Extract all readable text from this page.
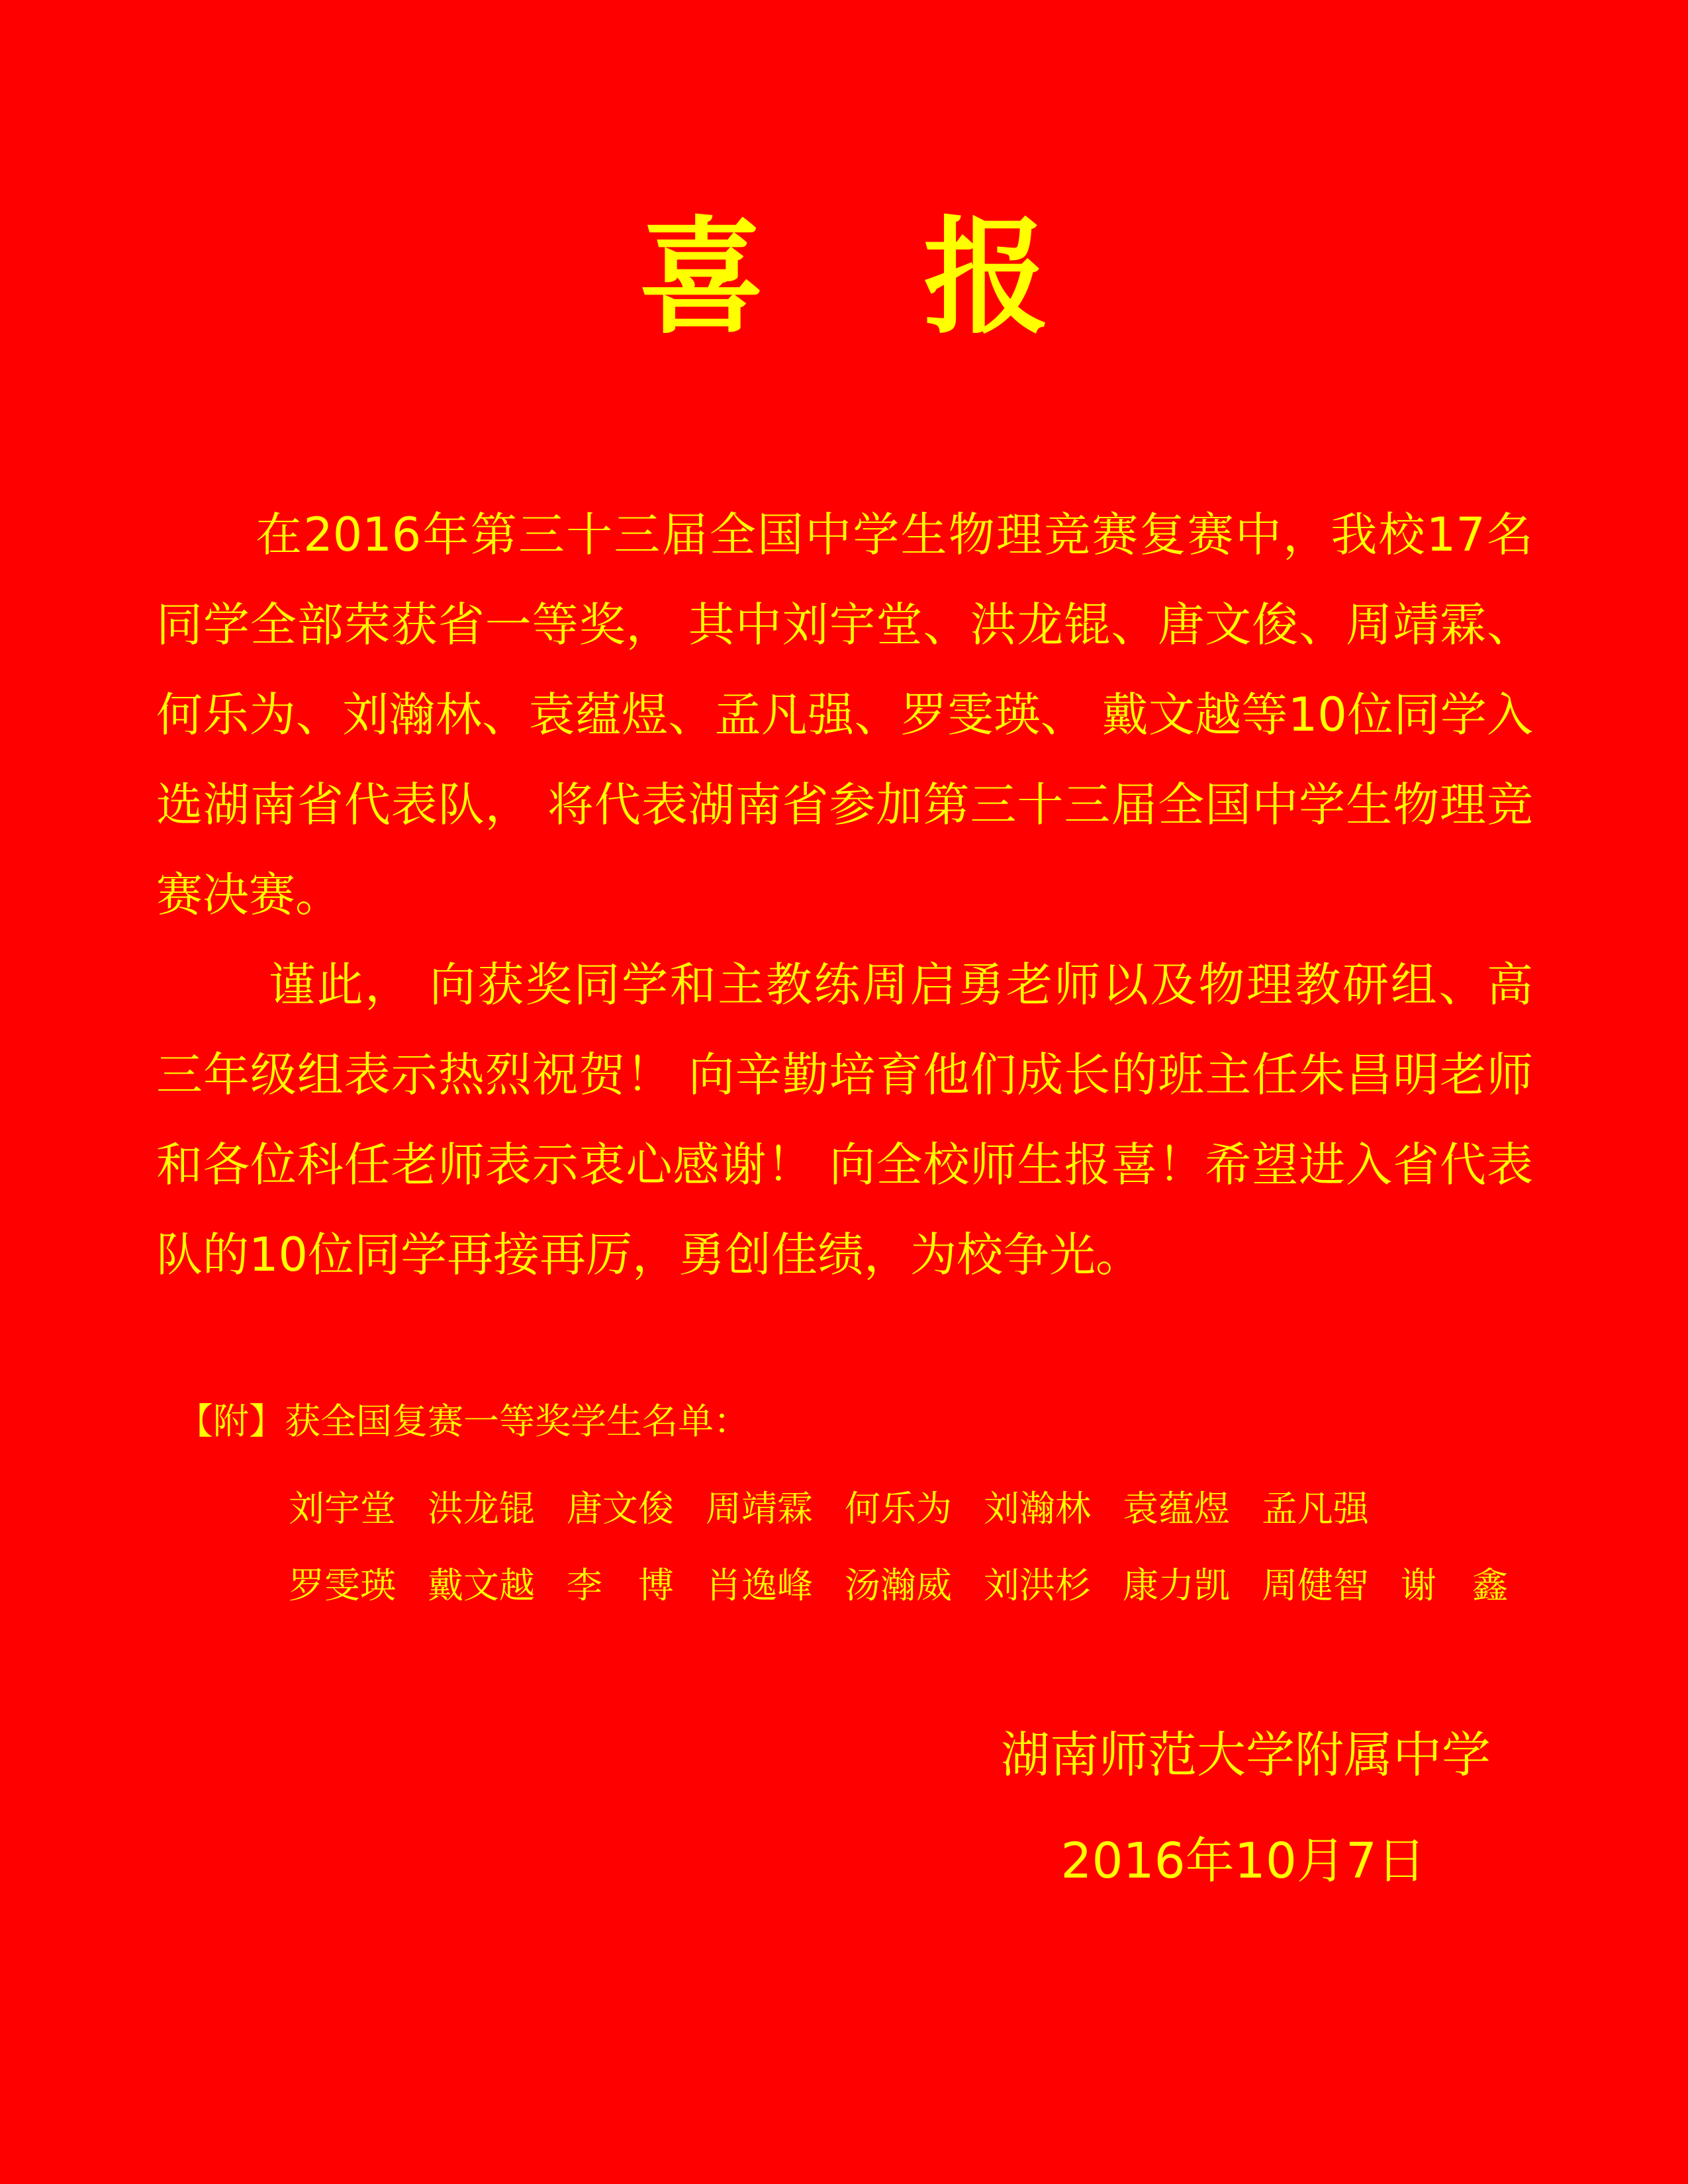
喜 报

在2016年第三十三届全国中学生物理竞赛复赛中，我校17名同学全部荣获省一等奖， 其中刘宇堂、洪龙锟、唐文俊、周靖霖、何乐为、刘瀚林、袁蕴煜、孟凡强、罗雯瑛、 戴文越等10位同学入选湖南省代表队， 将代表湖南省参加第三十三届全国中学生物理竞赛决赛。

谨此， 向获奖同学和主教练周启勇老师以及物理教研组、高三年级组表示热烈祝贺！ 向辛勤培育他们成长的班主任朱昌明老师和各位科任老师表示衷心感谢！ 向全校师生报喜！希望进入省代表队的10位同学再接再厉，勇创佳绩，为校争光。

【附】获全国复赛一等奖学生名单：
刘宇堂 洪龙锟 唐文俊 周靖霖 何乐为 刘瀚林 袁蕴煜 孟凡强
罗雯瑛 戴文越 李　博 肖逸峰 汤瀚威 刘洪杉 康力凯 周健智 谢　鑫
湖南师范大学附属中学
2016年10月7日
